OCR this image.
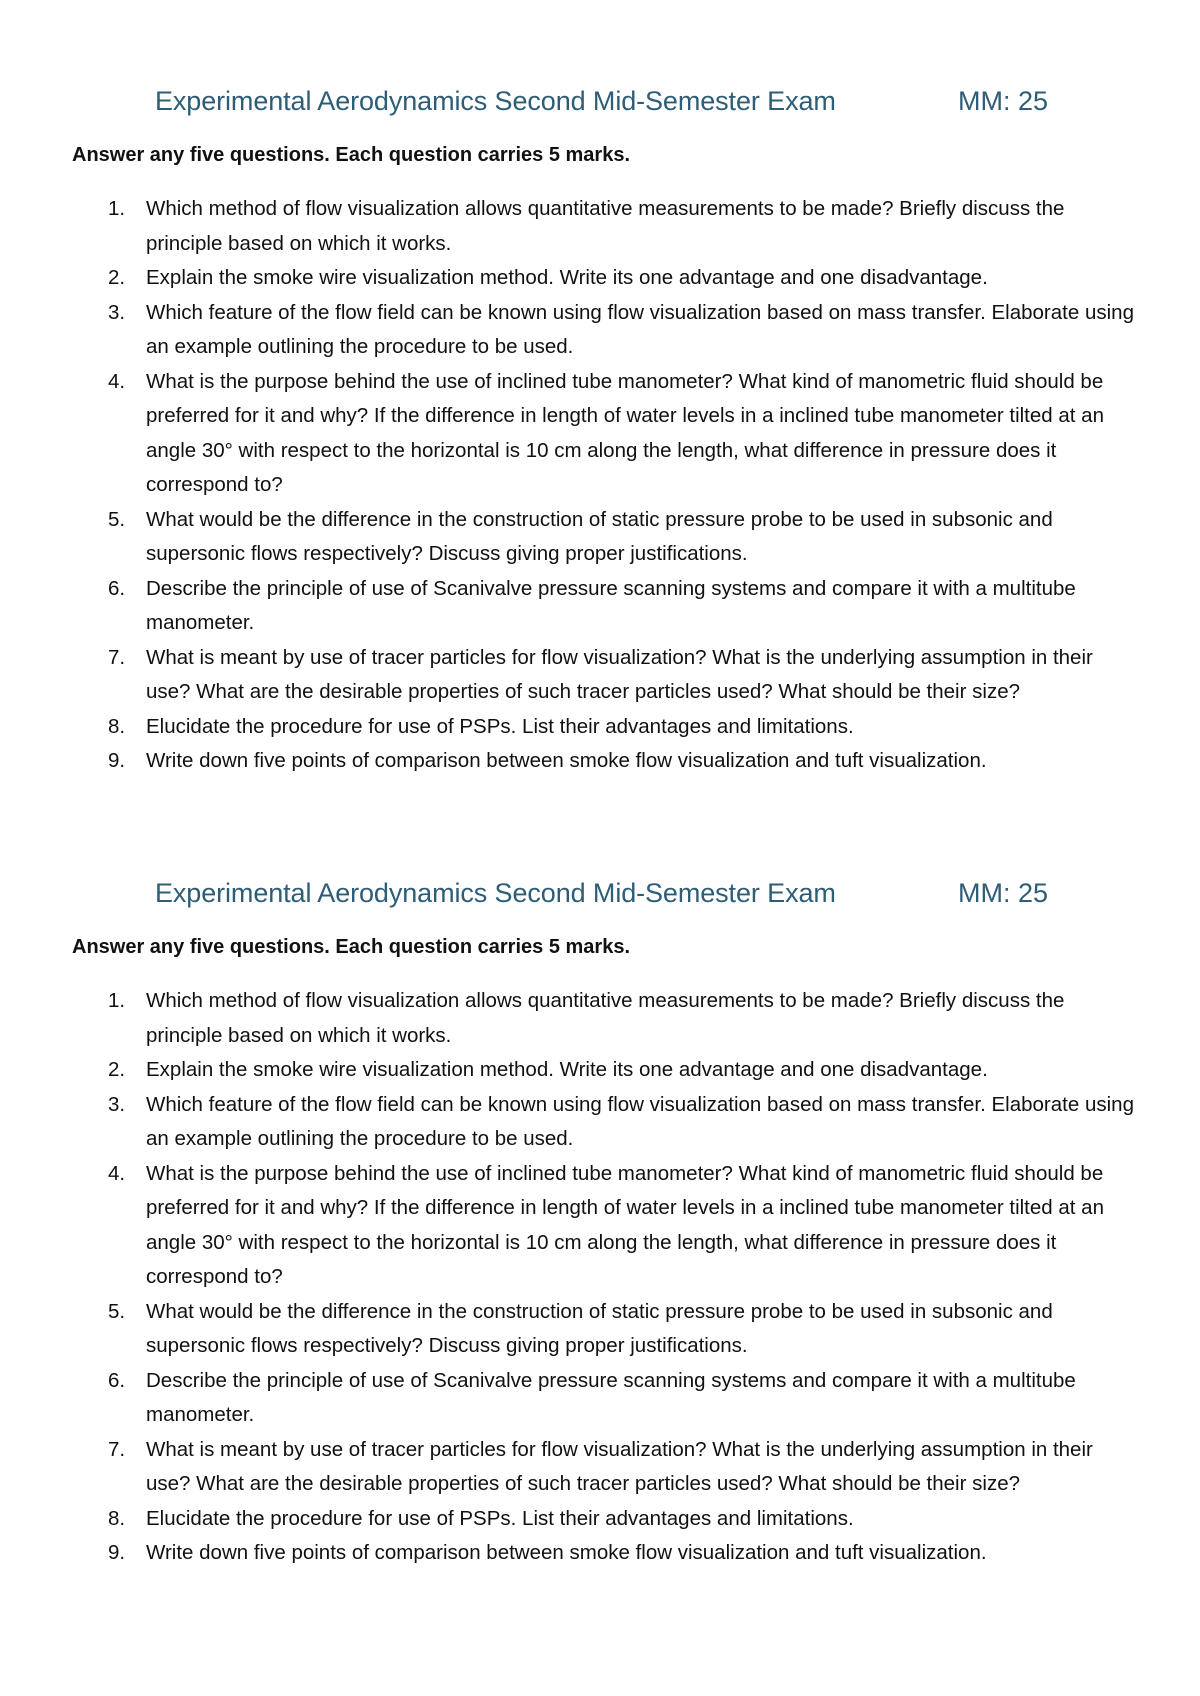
Experimental Aerodynamics Second Mid-Semester Exam	MM: 25
Answer any five questions. Each question carries 5 marks.
1.	Which method of flow visualization allows quantitative measurements to be made? Briefly discuss the principle based on which it works.
2.	Explain the smoke wire visualization method. Write its one advantage and one disadvantage.
3.	Which feature of the flow field can be known using flow visualization based on mass transfer. Elaborate using an example outlining the procedure to be used.
4.	What is the purpose behind the use of inclined tube manometer? What kind of manometric fluid should be preferred for it and why? If the difference in length of water levels in a inclined tube manometer tilted at an angle 30° with respect to the horizontal is 10 cm along the length, what difference in pressure does it correspond to?
5.	What would be the difference in the construction of static pressure probe to be used in subsonic and supersonic flows respectively? Discuss giving proper justifications.
6.	Describe the principle of use of Scanivalve pressure scanning systems and compare it with a multitube manometer.
7.	What is meant by use of tracer particles for flow visualization? What is the underlying assumption in their use? What are the desirable properties of such tracer particles used? What should be their size?
8.	Elucidate the procedure for use of PSPs. List their advantages and limitations.
9.	Write down five points of comparison between smoke flow visualization and tuft visualization.
Experimental Aerodynamics Second Mid-Semester Exam	MM: 25
Answer any five questions. Each question carries 5 marks.
1.	Which method of flow visualization allows quantitative measurements to be made? Briefly discuss the principle based on which it works.
2.	Explain the smoke wire visualization method. Write its one advantage and one disadvantage.
3.	Which feature of the flow field can be known using flow visualization based on mass transfer. Elaborate using an example outlining the procedure to be used.
4.	What is the purpose behind the use of inclined tube manometer? What kind of manometric fluid should be preferred for it and why? If the difference in length of water levels in a inclined tube manometer tilted at an angle 30° with respect to the horizontal is 10 cm along the length, what difference in pressure does it correspond to?
5.	What would be the difference in the construction of static pressure probe to be used in subsonic and supersonic flows respectively? Discuss giving proper justifications.
6.	Describe the principle of use of Scanivalve pressure scanning systems and compare it with a multitube manometer.
7.	What is meant by use of tracer particles for flow visualization? What is the underlying assumption in their use? What are the desirable properties of such tracer particles used? What should be their size?
8.	Elucidate the procedure for use of PSPs. List their advantages and limitations.
9.	Write down five points of comparison between smoke flow visualization and tuft visualization.
